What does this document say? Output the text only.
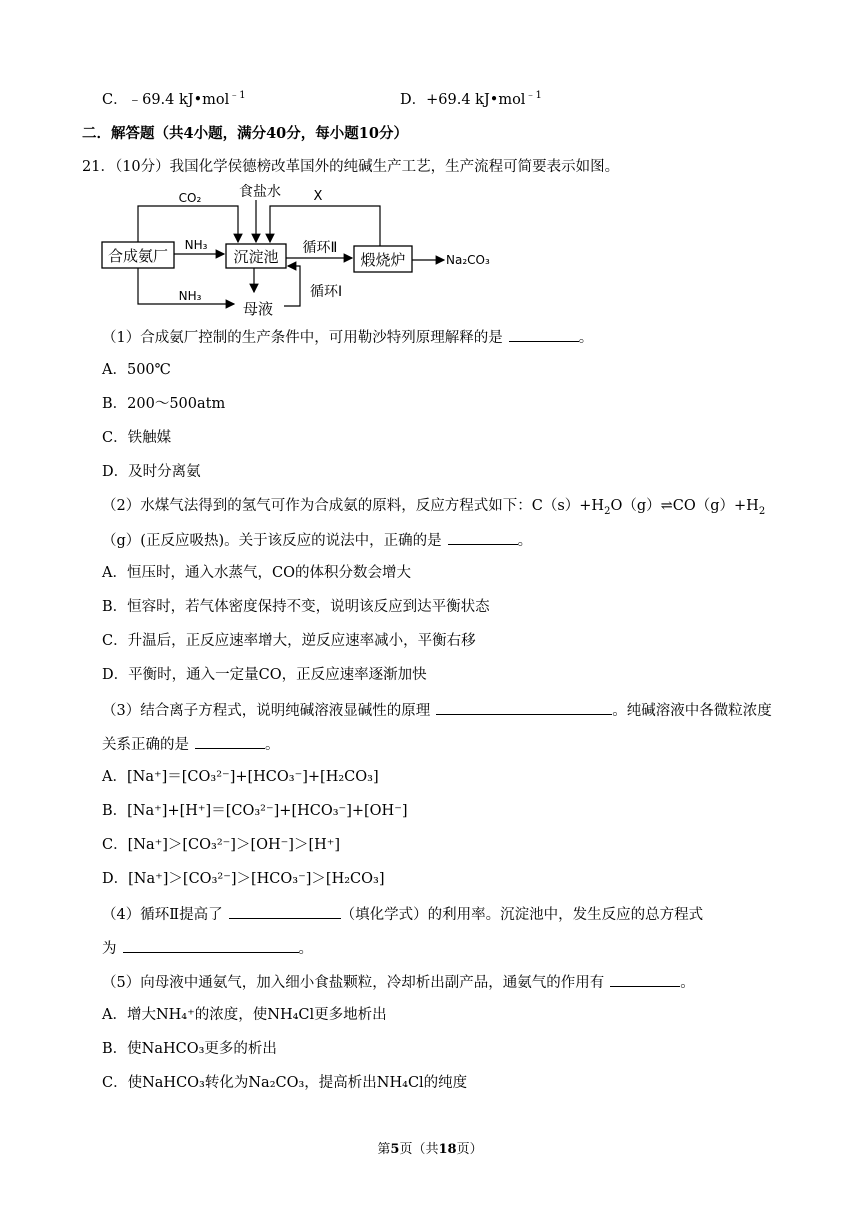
C．﹣69.4 kJ•mol$^{﹣1}$	D．+69.4 kJ•mol$^{﹣1}$
二．解答题（共4小题，满分40分，每小题10分）
21．（10分）我国化学侯德榜改革国外的纯碱生产工艺，生产流程可简要表示如图。
合成氨厂	沉淀池	煅烧炉
CO₂	食盐水	X
NH₃	循环Ⅱ
Na₂CO₃
NH₃
母液
循环Ⅰ
（1）合成氨厂控制的生产条件中，可用勒沙特列原理解释的是	。
A．500℃
B．200～500atm
C．铁触媒
D．及时分离氨
（2）水煤气法得到的氢气可作为合成氨的原料，反应方程式如下：$C(s)+H_2O(g)\rightleftharpoons CO(g)+H_2$
（g）(正反应吸热)。关于该反应的说法中，正确的是	。
A．恒压时，通入水蒸气，CO的体积分数会增大
B．恒容时，若气体密度保持不变，说明该反应到达平衡状态
C．升温后，正反应速率增大，逆反应速率减小，平衡右移
D．平衡时，通入一定量CO，正反应速率逐渐加快
（3）结合离子方程式，说明纯碱溶液显碱性的原理	。纯碱溶液中各微粒浓度
关系正确的是	。
A．[Na⁺]＝[CO₃²⁻]+[HCO₃⁻]+[H₂CO₃]
B．[Na⁺]+[H⁺]＝[CO₃²⁻]+[HCO₃⁻]+[OH⁻]
C．[Na⁺]＞[CO₃²⁻]＞[OH⁻]＞[H⁺]
D．[Na⁺]＞[CO₃²⁻]＞[HCO₃⁻]＞[H₂CO₃]
（4）循环Ⅱ提高了	（填化学式）的利用率。沉淀池中，发生反应的总方程式
为	。
（5）向母液中通氨气，加入细小食盐颗粒，冷却析出副产品，通氨气的作用有	。
A．增大NH₄⁺的浓度，使NH₄Cl更多地析出
B．使NaHCO₃更多的析出
C．使NaHCO₃转化为Na₂CO₃，提高析出NH₄Cl的纯度
第5页（共18页）
